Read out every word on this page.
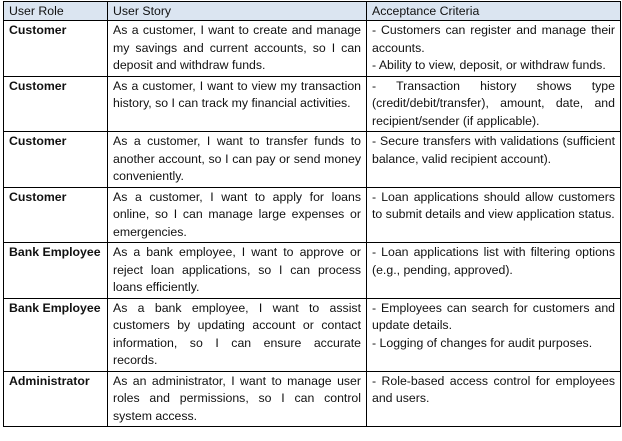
User Role	User Story	Acceptance Criteria
Customer	As a customer, I want to create and manage my savings and current accounts, so I can deposit and withdraw funds.	- Customers can register and manage their accounts.
- Ability to view, deposit, or withdraw funds.

Customer	As a customer, I want to view my transaction history, so I can track my financial activities.	- Transaction history shows type (credit/debit/transfer), amount, date, and recipient/sender (if applicable).

Customer	As a customer, I want to transfer funds to another account, so I can pay or send money conveniently.	- Secure transfers with validations (sufficient balance, valid recipient account).

Customer	As a customer, I want to apply for loans online, so I can manage large expenses or emergencies.	- Loan applications should allow customers to submit details and view application status.

Bank Employee	As a bank employee, I want to approve or reject loan applications, so I can process loans efficiently.	- Loan applications list with filtering options (e.g., pending, approved).

Bank Employee	As a bank employee, I want to assist customers by updating account or contact information, so I can ensure accurate records.	- Employees can search for customers and update details.
- Logging of changes for audit purposes.

Administrator	As an administrator, I want to manage user roles and permissions, so I can control system access.	- Role-based access control for employees and users.
